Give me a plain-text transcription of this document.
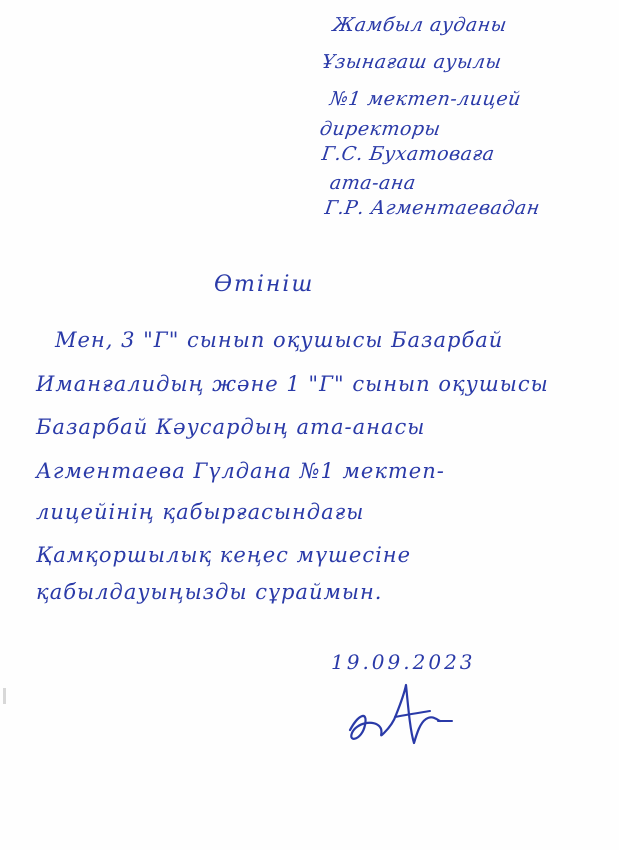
Жамбыл ауданы
Ұзынағаш ауылы
№1 мектеп-лицей
директоры
Г.С. Бухатоваға
ата-ана
Г.Р. Агментаевадан
Өтініш
Мен, 3 "Г" сынып оқушысы Базарбай
Иманғалидың және 1 "Г" сынып оқушысы
Базарбай Кәусардың ата-анасы
Агментаева Гүлдана №1 мектеп-
лицейінің қабырғасындағы
Қамқоршылық кеңес мүшесіне
қабылдауыңызды сұраймын.
19.09.2023
